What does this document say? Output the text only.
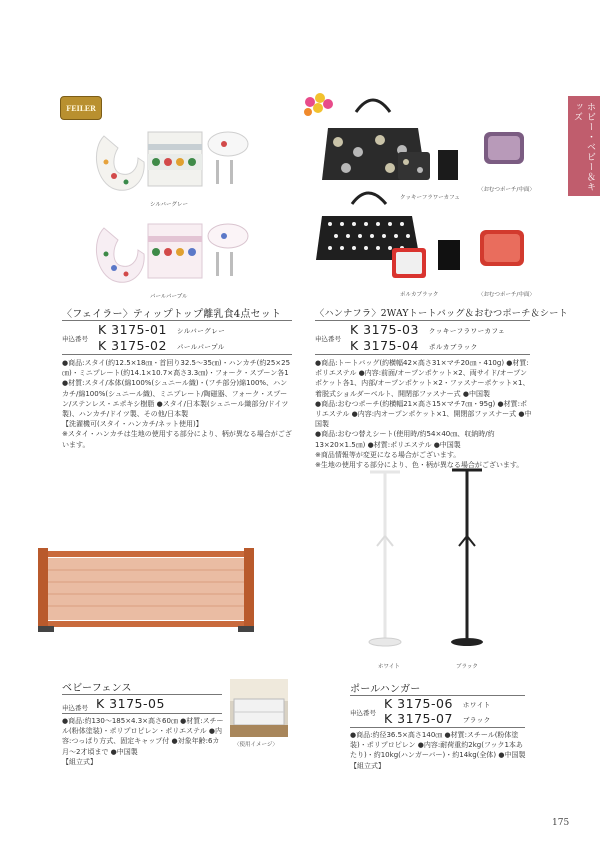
ホビー・ベビー＆キッズ
175
FEILER
シルバーグレー
パールパープル
〈フェイラー〉ティップトップ離乳食4点セット
申込番号
K 3175-01 シルバーグレー
K 3175-02 パールパープル

●商品:スタイ(約12.5×18㎝・首回り32.5～35㎝)・ハンカチ(約25×25㎝)・ミニプレート(約14.1×10.7×高さ3.3㎝)・フォーク・スプーン各1

●材質:スタイ/本体(綿100%(シュニール織)・(フチ部分)綿100%、ハンカチ/綿100%(シュニール織)、ミニプレート/陶磁器、フォーク・スプーン/ステンレス・エポキシ樹脂 ●スタイ/日本製(シュニール織部分/ドイツ製)、ハンカチ/ドイツ製、その他/日本製

【洗濯機可(スタイ・ハンカチ/ネット使用)】

※スタイ・ハンカチは生地の使用する部分により、柄が異なる場合がございます。

クッキーフラワーカフェ
〈おむつポーチ/中面〉
ポルカブラック	〈おむつポーチ/中面〉
〈ハンナフラ〉2WAYトートバッグ＆おむつポーチ＆シート
申込番号
K 3175-03 クッキーフラワーカフェ
K 3175-04 ポルカブラック

●商品:トートバッグ(約横幅42×高さ31×マチ20㎝・410g) ●材質:ポリエステル ●内容:前面/オープンポケット×2、両サイド/オープンポケット各1、内部/オープンポケット×2・ファスナーポケット×1、着脱式ショルダーベルト、開閉部ファスナー式 ●中国製

●商品:おむつポーチ(約横幅21×高さ15×マチ7㎝・95g) ●材質:ポリエステル ●内容:内オープンポケット×1、開閉部ファスナー式 ●中国製

●商品:おむつ替えシート(使用時/約54×40㎝、収納時/約13×20×1.5㎝) ●材質:ポリエステル ●中国製

※商品情報等が変更になる場合がございます。

※生地の使用する部分により、色・柄が異なる場合がございます。

ベビーフェンス
申込番号 K 3175-05

●商品:約130～185×4.3×高さ60㎝ ●材質:スチール(粉体塗装)・ポリプロピレン・ポリエステル ●内容:つっぱり方式、固定キャップ付 ●対象年齢:6カ月～2才頃まで ●中国製

【組立式】

〈使用イメージ〉
ホワイト	ブラック
ポールハンガー
申込番号
K 3175-06 ホワイト
K 3175-07 ブラック

●商品:約径36.5×高さ140㎝ ●材質:スチール(粉体塗装)・ポリプロピレン ●内容:耐荷重約2kg(フック1本あたり)・約10kg(ハンガーバー)・約14kg(全体) ●中国製

【組立式】
